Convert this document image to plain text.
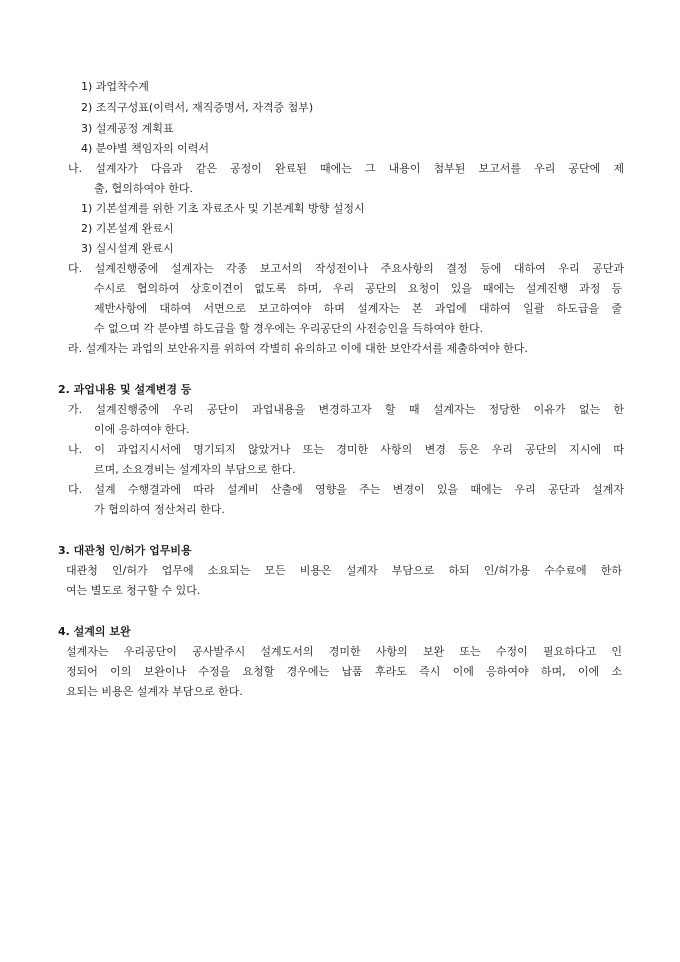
1) 과업착수계
2) 조직구성표(이력서, 재직증명서, 자격증 첨부)
3) 설계공정 계획표
4) 분야별 책임자의 이력서
나. 설계자가 다음과 같은 공정이 완료된 때에는 그 내용이 첨부된 보고서를 우리 공단에 제
출, 협의하여야 한다.
1) 기본설계를 위한 기초 자료조사 및 기본계획 방향 설정시
2) 기본설계 완료시
3) 실시설계 완료시
다. 설계진행중에 설계자는 각종 보고서의 작성전이나 주요사항의 결정 등에 대하여 우리 공단과
수시로 협의하여 상호이견이 없도록 하며, 우리 공단의 요청이 있을 때에는 설계진행 과정 등
제반사항에 대하여 서면으로 보고하여야 하며 설계자는 본 과업에 대하여 일괄 하도급을 줄
수 없으며 각 분야별 하도급을 할 경우에는 우리공단의 사전승인을 득하여야 한다.
라. 설계자는 과업의 보안유지를 위하여 각별히 유의하고 이에 대한 보안각서를 제출하여야 한다.
2. 과업내용 및 설계변경 등
가. 설계진행중에 우리 공단이 과업내용을 변경하고자 할 때 설계자는 정당한 이유가 없는 한
이에 응하여야 한다.
나. 이 과업지시서에 명기되지 않았거나 또는 경미한 사항의 변경 등은 우리 공단의 지시에 따
르며, 소요경비는 설계자의 부담으로 한다.
다. 설계 수행결과에 따라 설계비 산출에 영향을 주는 변경이 있을 때에는 우리 공단과 설계자
가 협의하여 정산처리 한다.
3. 대관청 인/허가 업무비용
대관청 인/허가 업무에 소요되는 모든 비용은 설계자 부담으로 하되 인/허가용 수수료에 한하
여는 별도로 청구할 수 있다.
4. 설계의 보완
설계자는 우리공단이 공사발주시 설계도서의 경미한 사항의 보완 또는 수정이 필요하다고 인
정되어 이의 보완이나 수정을 요청할 경우에는 납품 후라도 즉시 이에 응하여야 하며, 이에 소
요되는 비용은 설계자 부담으로 한다.
